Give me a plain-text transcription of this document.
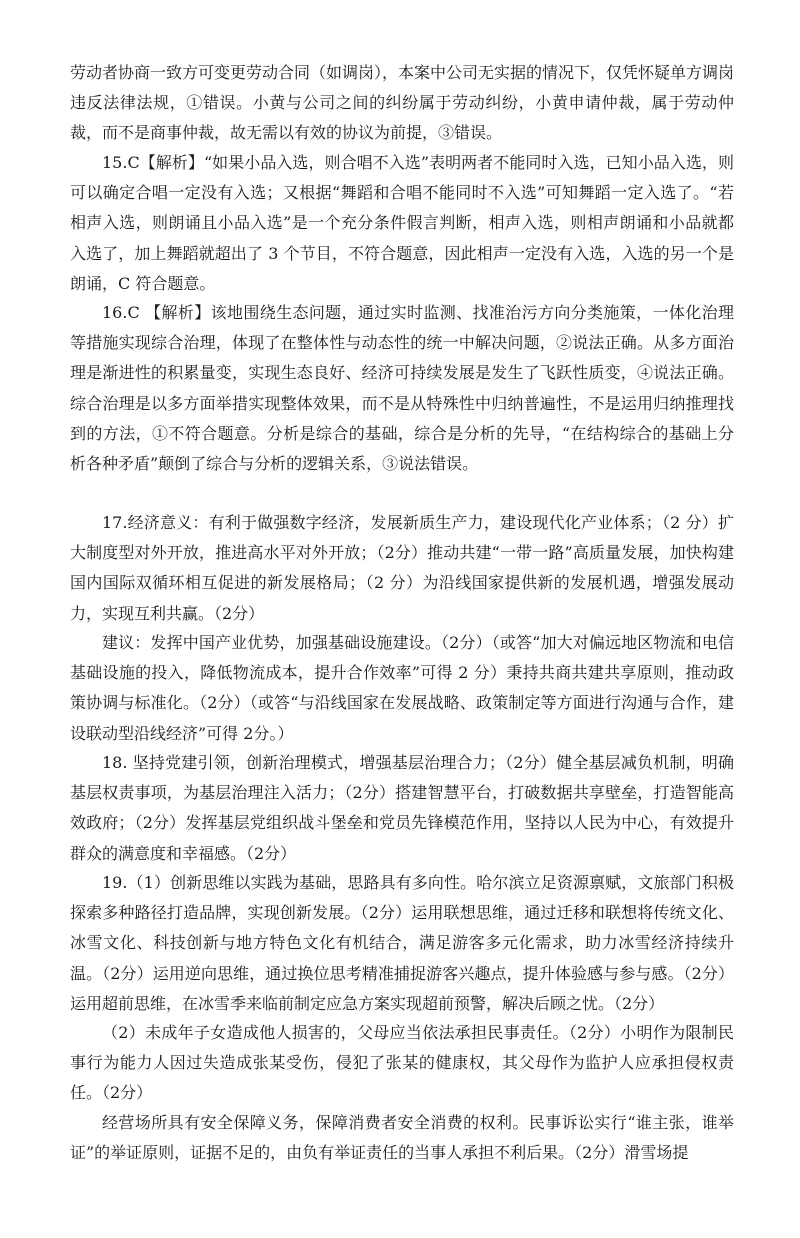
劳动者协商一致方可变更劳动合同（如调岗），本案中公司无实据的情况下，仅凭怀疑单方调岗违反法律法规，①错误。小黄与公司之间的纠纷属于劳动纠纷，小黄申请仲裁，属于劳动仲裁，而不是商事仲裁，故无需以有效的协议为前提，③错误。

15.C【解析】“如果小品入选，则合唱不入选”表明两者不能同时入选，已知小品入选，则可以确定合唱一定没有入选；又根据“舞蹈和合唱不能同时不入选”可知舞蹈一定入选了。“若相声入选，则朗诵且小品入选”是一个充分条件假言判断，相声入选，则相声朗诵和小品就都入选了，加上舞蹈就超出了 3 个节目，不符合题意，因此相声一定没有入选，入选的另一个是朗诵，C 符合题意。

16.C 【解析】该地围绕生态问题，通过实时监测、找准治污方向分类施策，一体化治理等措施实现综合治理，体现了在整体性与动态性的统一中解决问题，②说法正确。从多方面治理是渐进性的积累量变，实现生态良好、经济可持续发展是发生了飞跃性质变，④说法正确。综合治理是以多方面举措实现整体效果，而不是从特殊性中归纳普遍性，不是运用归纳推理找到的方法，①不符合题意。分析是综合的基础，综合是分析的先导，“在结构综合的基础上分析各种矛盾”颠倒了综合与分析的逻辑关系，③说法错误。

17.经济意义：有利于做强数字经济，发展新质生产力，建设现代化产业体系；（2 分）扩大制度型对外开放，推进高水平对外开放；（2分）推动共建“一带一路”高质量发展，加快构建国内国际双循环相互促进的新发展格局；（2 分）为沿线国家提供新的发展机遇，增强发展动力，实现互利共赢。（2分）

建议：发挥中国产业优势，加强基础设施建设。（2分）（或答“加大对偏远地区物流和电信基础设施的投入，降低物流成本，提升合作效率”可得 2 分）秉持共商共建共享原则，推动政策协调与标准化。（2分）（或答“与沿线国家在发展战略、政策制定等方面进行沟通与合作，建设联动型沿线经济”可得 2分。）

18. 坚持党建引领，创新治理模式，增强基层治理合力；（2分）健全基层减负机制，明确基层权责事项，为基层治理注入活力；（2分）搭建智慧平台，打破数据共享壁垒，打造智能高效政府；（2分）发挥基层党组织战斗堡垒和党员先锋模范作用，坚持以人民为中心，有效提升群众的满意度和幸福感。（2分）

19.（1）创新思维以实践为基础，思路具有多向性。哈尔滨立足资源禀赋，文旅部门积极探索多种路径打造品牌，实现创新发展。（2分）运用联想思维，通过迁移和联想将传统文化、冰雪文化、科技创新与地方特色文化有机结合，满足游客多元化需求，助力冰雪经济持续升温。（2分）运用逆向思维，通过换位思考精准捕捉游客兴趣点，提升体验感与参与感。（2分）运用超前思维，在冰雪季来临前制定应急方案实现超前预警，解决后顾之忧。（2分）

（2）未成年子女造成他人损害的，父母应当依法承担民事责任。（2分）小明作为限制民事行为能力人因过失造成张某受伤，侵犯了张某的健康权，其父母作为监护人应承担侵权责任。（2分）

经营场所具有安全保障义务，保障消费者安全消费的权利。民事诉讼实行“谁主张，谁举证”的举证原则，证据不足的，由负有举证责任的当事人承担不利后果。（2分）滑雪场提
